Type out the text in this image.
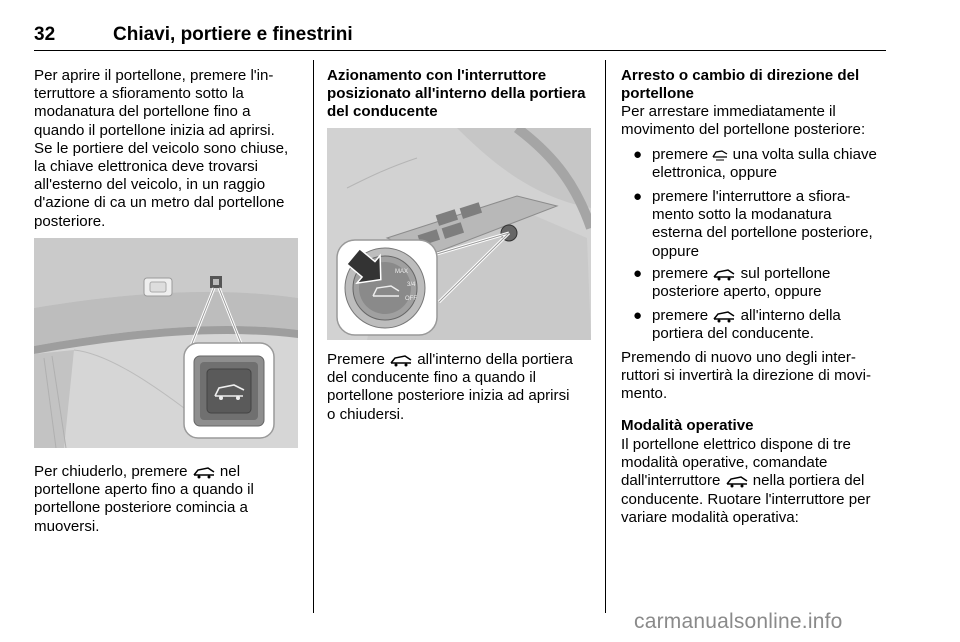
32	Chiavi, portiere e finestrini
Per aprire il portellone, premere l'in-
terruttore a sfioramento sotto la
modanatura del portellone fino a
quando il portellone inizia ad aprirsi.
Se le portiere del veicolo sono chiuse,
la chiave elettronica deve trovarsi
all'esterno del veicolo, in un raggio
d'azione di ca un metro dal portellone
posteriore.
Per chiuderlo, premere  nel
portellone aperto fino a quando il
portellone posteriore comincia a
muoversi.
Azionamento con l'interruttore
posizionato all'interno della portiera
del conducente
MAX
3/4
OFF
Premere  all'interno della portiera
del conducente fino a quando il
portellone posteriore inizia ad aprirsi
o chiudersi.
Arresto o cambio di direzione del
portellone
Per arrestare immediatamente il
movimento del portellone posteriore:
● premere  una volta sulla chiave
elettronica, oppure
● premere l'interruttore a sfiora-
mento sotto la modanatura
esterna del portellone posteriore,
oppure
● premere  sul portellone
posteriore aperto, oppure
● premere  all'interno della
portiera del conducente.
Premendo di nuovo uno degli inter-
ruttori si invertirà la direzione di movi-
mento.
Modalità operative
Il portellone elettrico dispone di tre
modalità operative, comandate
dall'interruttore  nella portiera del
conducente. Ruotare l'interruttore per
variare modalità operativa:
carmanualsonline.info
